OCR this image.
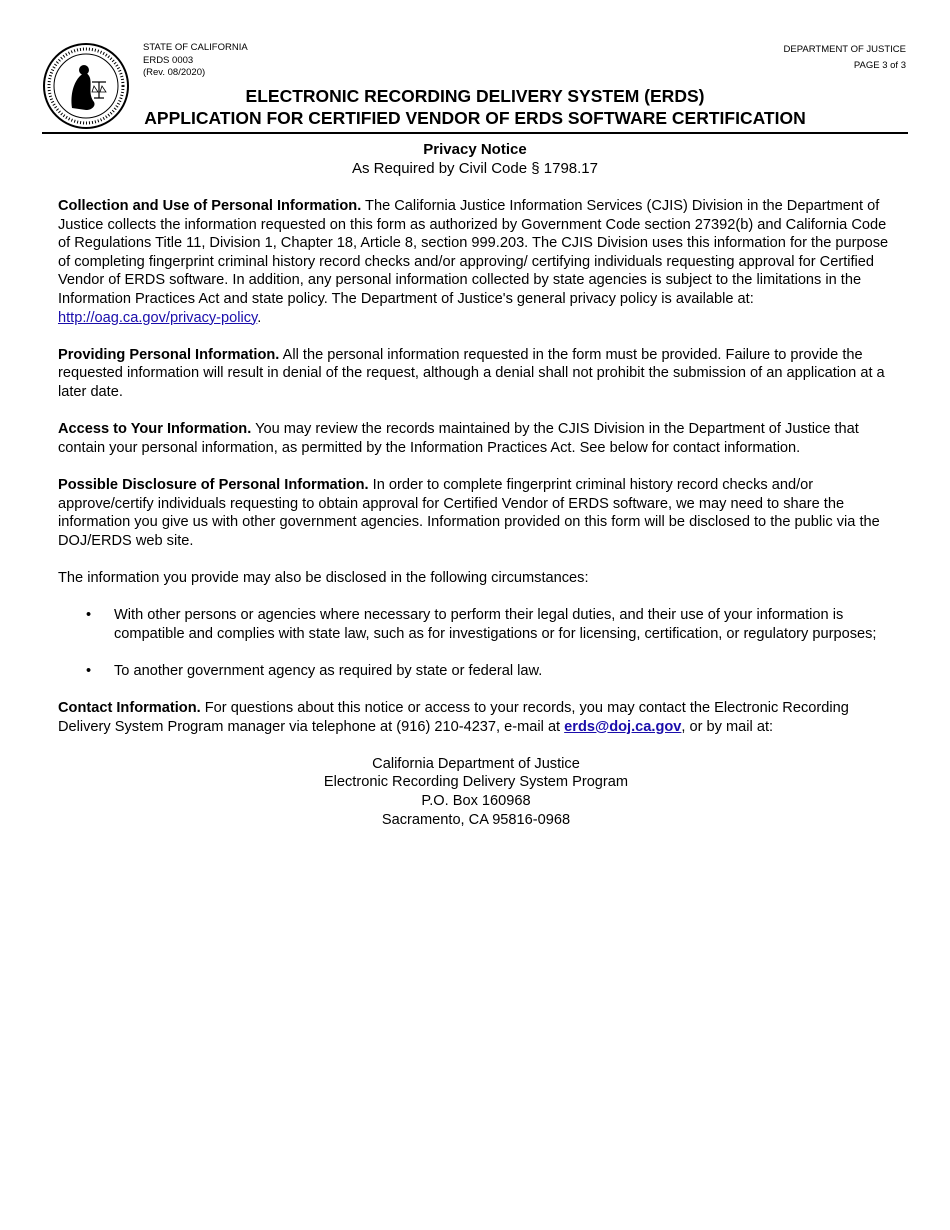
STATE OF CALIFORNIA
ERDS 0003
(Rev. 08/2020)
DEPARTMENT OF JUSTICE
PAGE 3 of 3
ELECTRONIC RECORDING DELIVERY SYSTEM (ERDS)
APPLICATION FOR CERTIFIED VENDOR OF ERDS SOFTWARE CERTIFICATION
Privacy Notice
As Required by Civil Code § 1798.17

Collection and Use of Personal Information. The California Justice Information Services (CJIS) Division in the Department of Justice collects the information requested on this form as authorized by Government Code section 27392(b) and California Code of Regulations Title 11, Division 1, Chapter 18, Article 8, section 999.203. The CJIS Division uses this information for the purpose of completing fingerprint criminal history record checks and/or approving/ certifying individuals requesting approval for Certified Vendor of ERDS software. In addition, any personal information collected by state agencies is subject to the limitations in the Information Practices Act and state policy. The Department of Justice's general privacy policy is available at: http://oag.ca.gov/privacy-policy.

Providing Personal Information. All the personal information requested in the form must be provided. Failure to provide the requested information will result in denial of the request, although a denial shall not prohibit the submission of an application at a later date.

Access to Your Information. You may review the records maintained by the CJIS Division in the Department of Justice that contain your personal information, as permitted by the Information Practices Act. See below for contact information.

Possible Disclosure of Personal Information. In order to complete fingerprint criminal history record checks and/or approve/certify individuals requesting to obtain approval for Certified Vendor of ERDS software, we may need to share the information you give us with other government agencies. Information provided on this form will be disclosed to the public via the DOJ/ERDS web site.

The information you provide may also be disclosed in the following circumstances:

• With other persons or agencies where necessary to perform their legal duties, and their use of your information is compatible and complies with state law, such as for investigations or for licensing, certification, or regulatory purposes;
• To another government agency as required by state or federal law.

Contact Information. For questions about this notice or access to your records, you may contact the Electronic Recording Delivery System Program manager via telephone at (916) 210-4237, e-mail at erds@doj.ca.gov, or by mail at:

California Department of Justice
Electronic Recording Delivery System Program
P.O. Box 160968
Sacramento, CA 95816-0968
